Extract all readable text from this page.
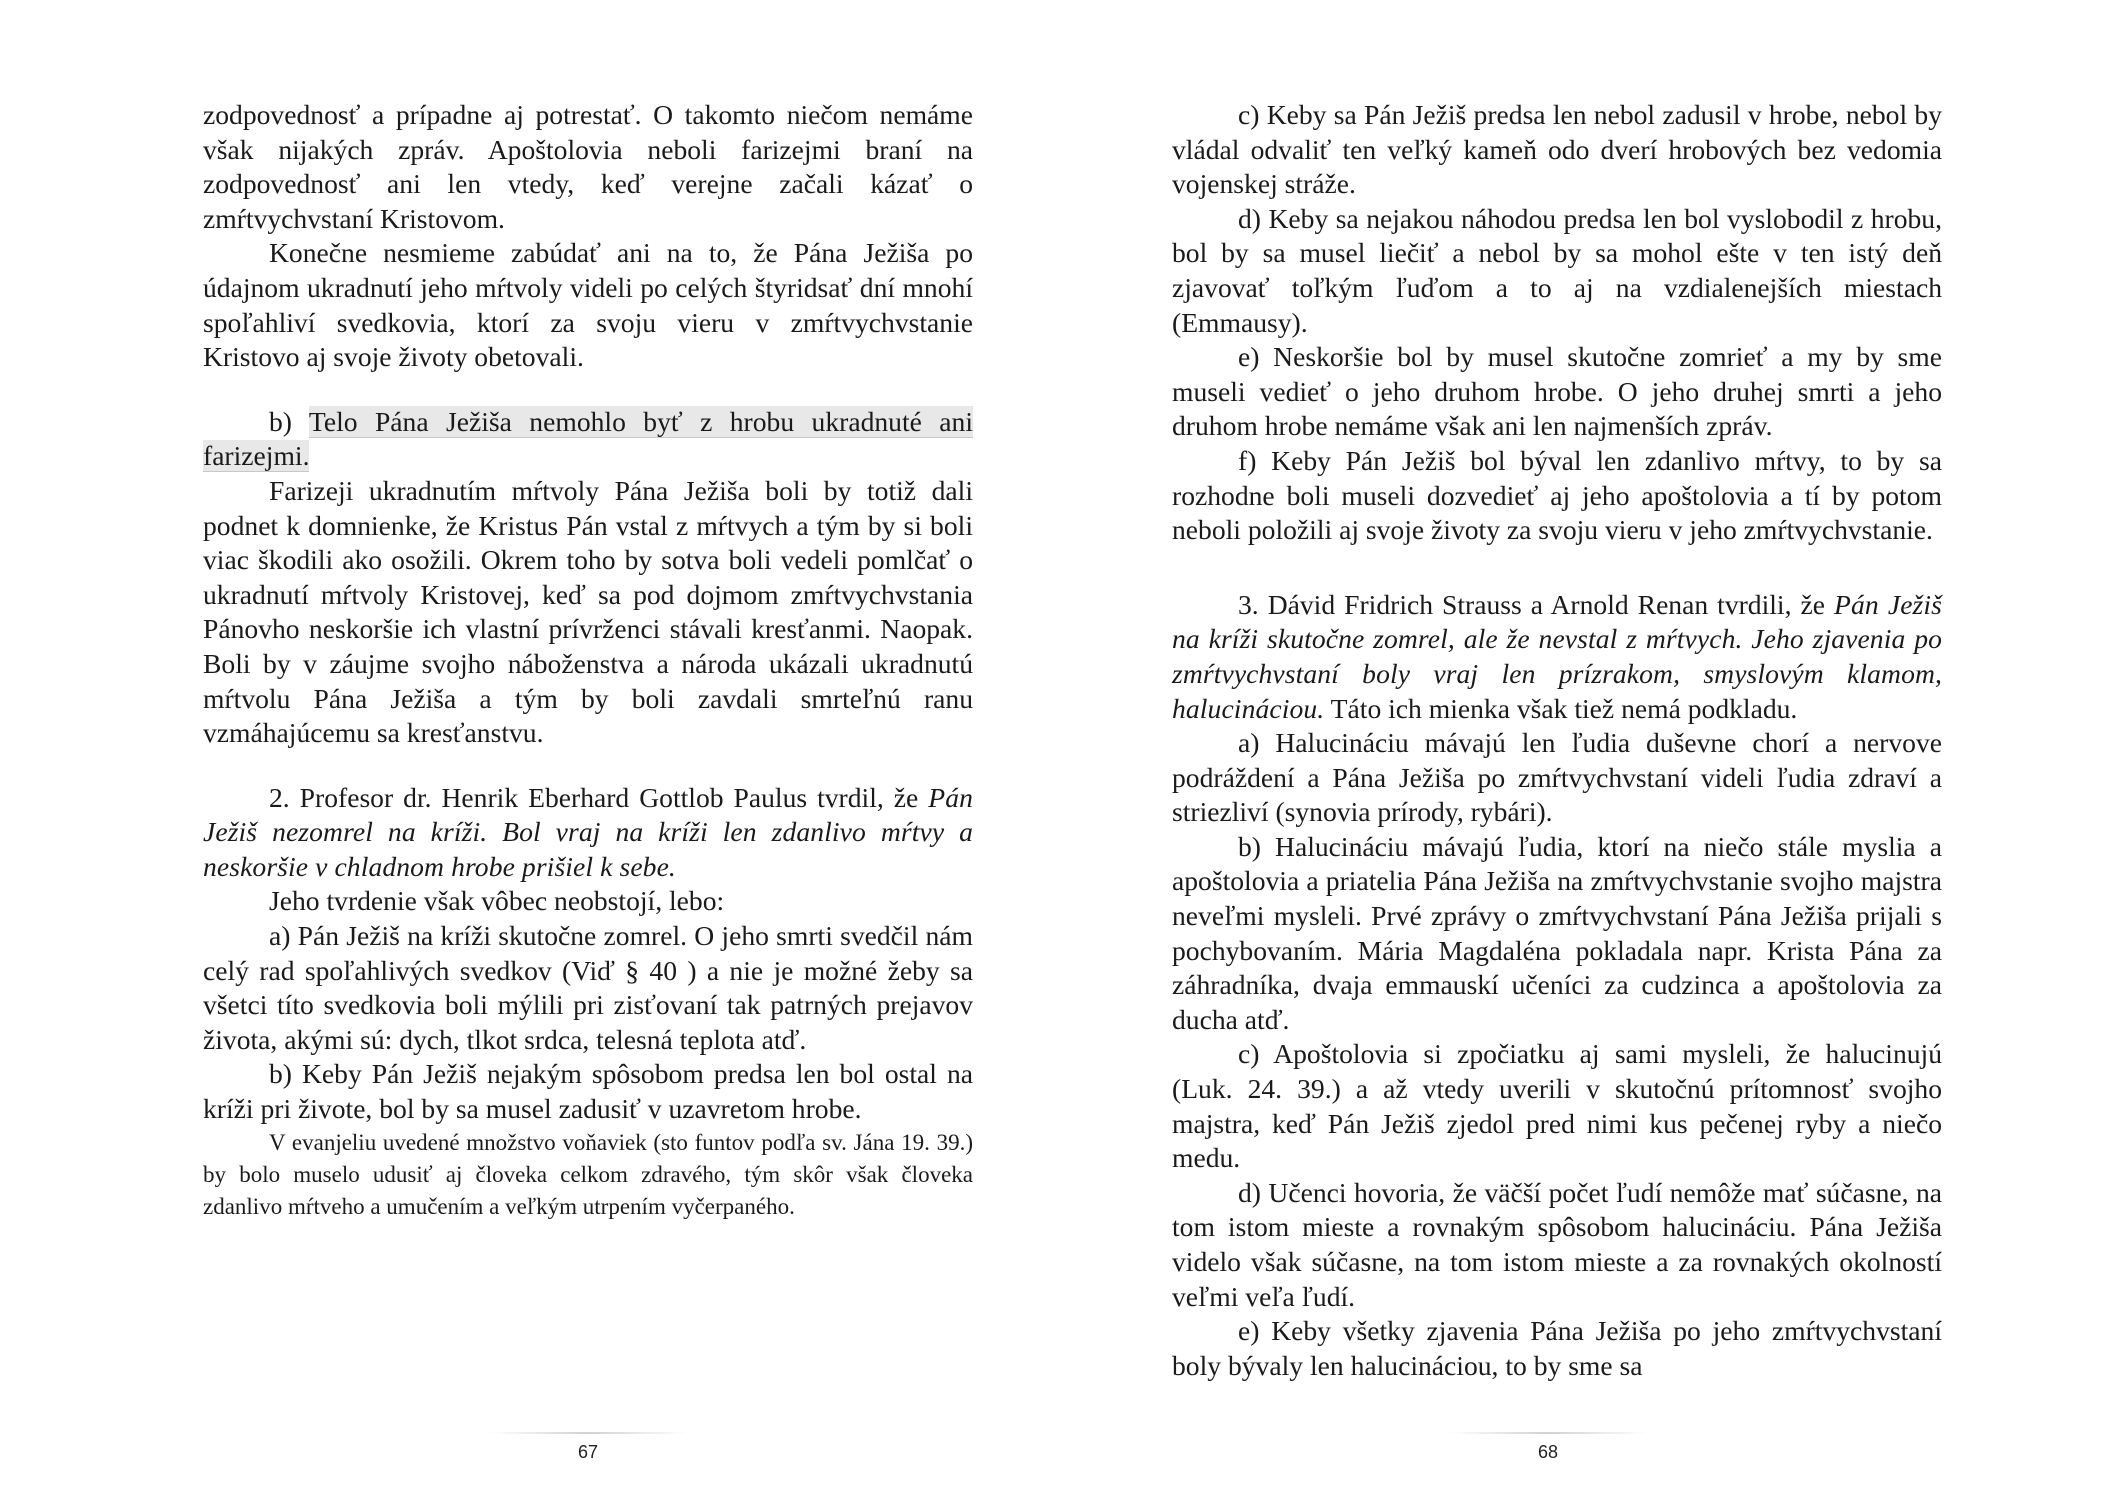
zodpovednosť a prípadne aj potrestať. O takomto niečom nemáme však nijakých zpráv. Apoštolovia neboli farizejmi braní na zodpovednosť ani len vtedy, keď verejne začali kázať o zmŕtvychvstaní Kristovom.

Konečne nesmieme zabúdať ani na to, že Pána Ježiša po údajnom ukradnutí jeho mŕtvoly videli po celých štyridsať dní mnohí spoľahliví svedkovia, ktorí za svoju vieru v zmŕtvychvstanie Kristovo aj svoje životy obetovali.

b) Telo Pána Ježiša nemohlo byť z hrobu ukradnuté ani farizejmi.

Farizeji ukradnutím mŕtvoly Pána Ježiša boli by totiž dali podnet k domnienke, že Kristus Pán vstal z mŕtvych a tým by si boli viac škodili ako osožili. Okrem toho by sotva boli vedeli pomlčať o ukradnutí mŕtvoly Kristovej, keď sa pod dojmom zmŕtvychvstania Pánovho neskoršie ich vlastní prívrženci stávali kresťanmi. Naopak. Boli by v záujme svojho náboženstva a národa ukázali ukradnutú mŕtvolu Pána Ježiša a tým by boli zavdali smrteľnú ranu vzmáhajúcemu sa kresťanstvu.

2. Profesor dr. Henrik Eberhard Gottlob Paulus tvrdil, že Pán Ježiš nezomrel na kríži. Bol vraj na kríži len zdanlivo mŕtvy a neskoršie v chladnom hrobe prišiel k sebe.

Jeho tvrdenie však vôbec neobstojí, lebo:

a) Pán Ježiš na kríži skutočne zomrel. O jeho smrti svedčil nám celý rad spoľahlivých svedkov (Viď § 40 ) a nie je možné žeby sa všetci títo svedkovia boli mýlili pri zisťovaní tak patrných prejavov života, akými sú: dych, tlkot srdca, telesná teplota atď.

b) Keby Pán Ježiš nejakým spôsobom predsa len bol ostal na kríži pri živote, bol by sa musel zadusiť v uzavretom hrobe.

V evanjeliu uvedené množstvo voňaviek (sto funtov podľa sv. Jána 19. 39.) by bolo muselo udusiť aj človeka celkom zdravého, tým skôr však človeka zdanlivo mŕtveho a umučením a veľkým utrpením vyčerpaného.

67

c) Keby sa Pán Ježiš predsa len nebol zadusil v hrobe, nebol by vládal odvaliť ten veľký kameň odo dverí hrobových bez vedomia vojenskej stráže.

d) Keby sa nejakou náhodou predsa len bol vyslobodil z hrobu, bol by sa musel liečiť a nebol by sa mohol ešte v ten istý deň zjavovať toľkým ľuďom a to aj na vzdialenejších miestach (Emmausy).

e) Neskoršie bol by musel skutočne zomrieť a my by sme museli vedieť o jeho druhom hrobe. O jeho druhej smrti a jeho druhom hrobe nemáme však ani len najmenších zpráv.

f) Keby Pán Ježiš bol býval len zdanlivo mŕtvy, to by sa rozhodne boli museli dozvedieť aj jeho apoštolovia a tí by potom neboli položili aj svoje životy za svoju vieru v jeho zmŕtvychvstanie.

3. Dávid Fridrich Strauss a Arnold Renan tvrdili, že Pán Ježiš na kríži skutočne zomrel, ale že nevstal z mŕtvych. Jeho zjavenia po zmŕtvychvstaní boly vraj len prízrakom, smyslovým klamom, halucináciou. Táto ich mienka však tiež nemá podkladu.

a) Halucináciu mávajú len ľudia duševne chorí a nervove podráždení a Pána Ježiša po zmŕtvychvstaní videli ľudia zdraví a striezliví (synovia prírody, rybári).

b) Halucináciu mávajú ľudia, ktorí na niečo stále myslia a apoštolovia a priatelia Pána Ježiša na zmŕtvychvstanie svojho majstra neveľmi mysleli. Prvé zprávy o zmŕtvychvstaní Pána Ježiša prijali s pochybovaním. Mária Magdaléna pokladala napr. Krista Pána za záhradníka, dvaja emmauskí učeníci za cudzinca a apoštolovia za ducha atď.

c) Apoštolovia si zpočiatku aj sami mysleli, že halucinujú (Luk. 24. 39.) a až vtedy uverili v skutočnú prítomnosť svojho majstra, keď Pán Ježiš zjedol pred nimi kus pečenej ryby a niečo medu.

d) Učenci hovoria, že väčší počet ľudí nemôže mať súčasne, na tom istom mieste a rovnakým spôsobom halucináciu. Pána Ježiša videlo však súčasne, na tom istom mieste a za rovnakých okolností veľmi veľa ľudí.

e) Keby všetky zjavenia Pána Ježiša po jeho zmŕtvychvstaní boly bývaly len halucináciou, to by sme sa

68
